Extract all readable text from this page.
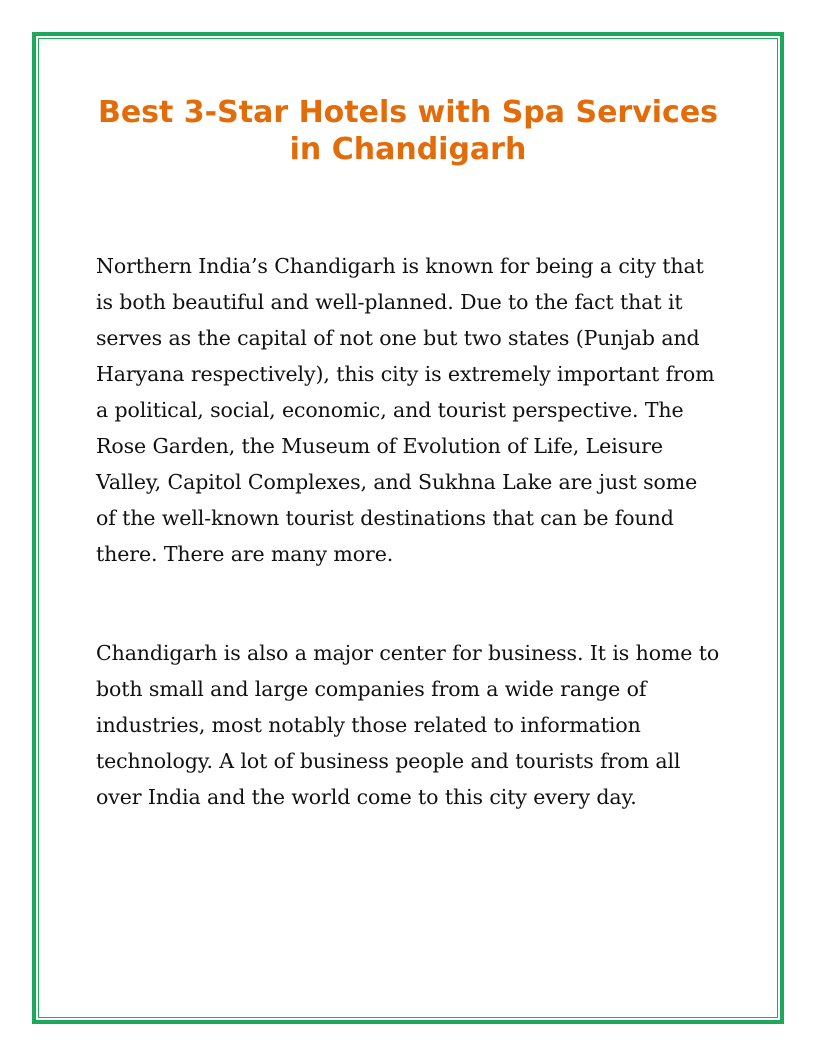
Best 3-Star Hotels with Spa Services in Chandigarh

Northern India’s Chandigarh is known for being a city that is both beautiful and well-planned. Due to the fact that it serves as the capital of not one but two states (Punjab and Haryana respectively), this city is extremely important from a political, social, economic, and tourist perspective. The Rose Garden, the Museum of Evolution of Life, Leisure Valley, Capitol Complexes, and Sukhna Lake are just some of the well-known tourist destinations that can be found there. There are many more.

Chandigarh is also a major center for business. It is home to both small and large companies from a wide range of industries, most notably those related to information technology. A lot of business people and tourists from all over India and the world come to this city every day.
